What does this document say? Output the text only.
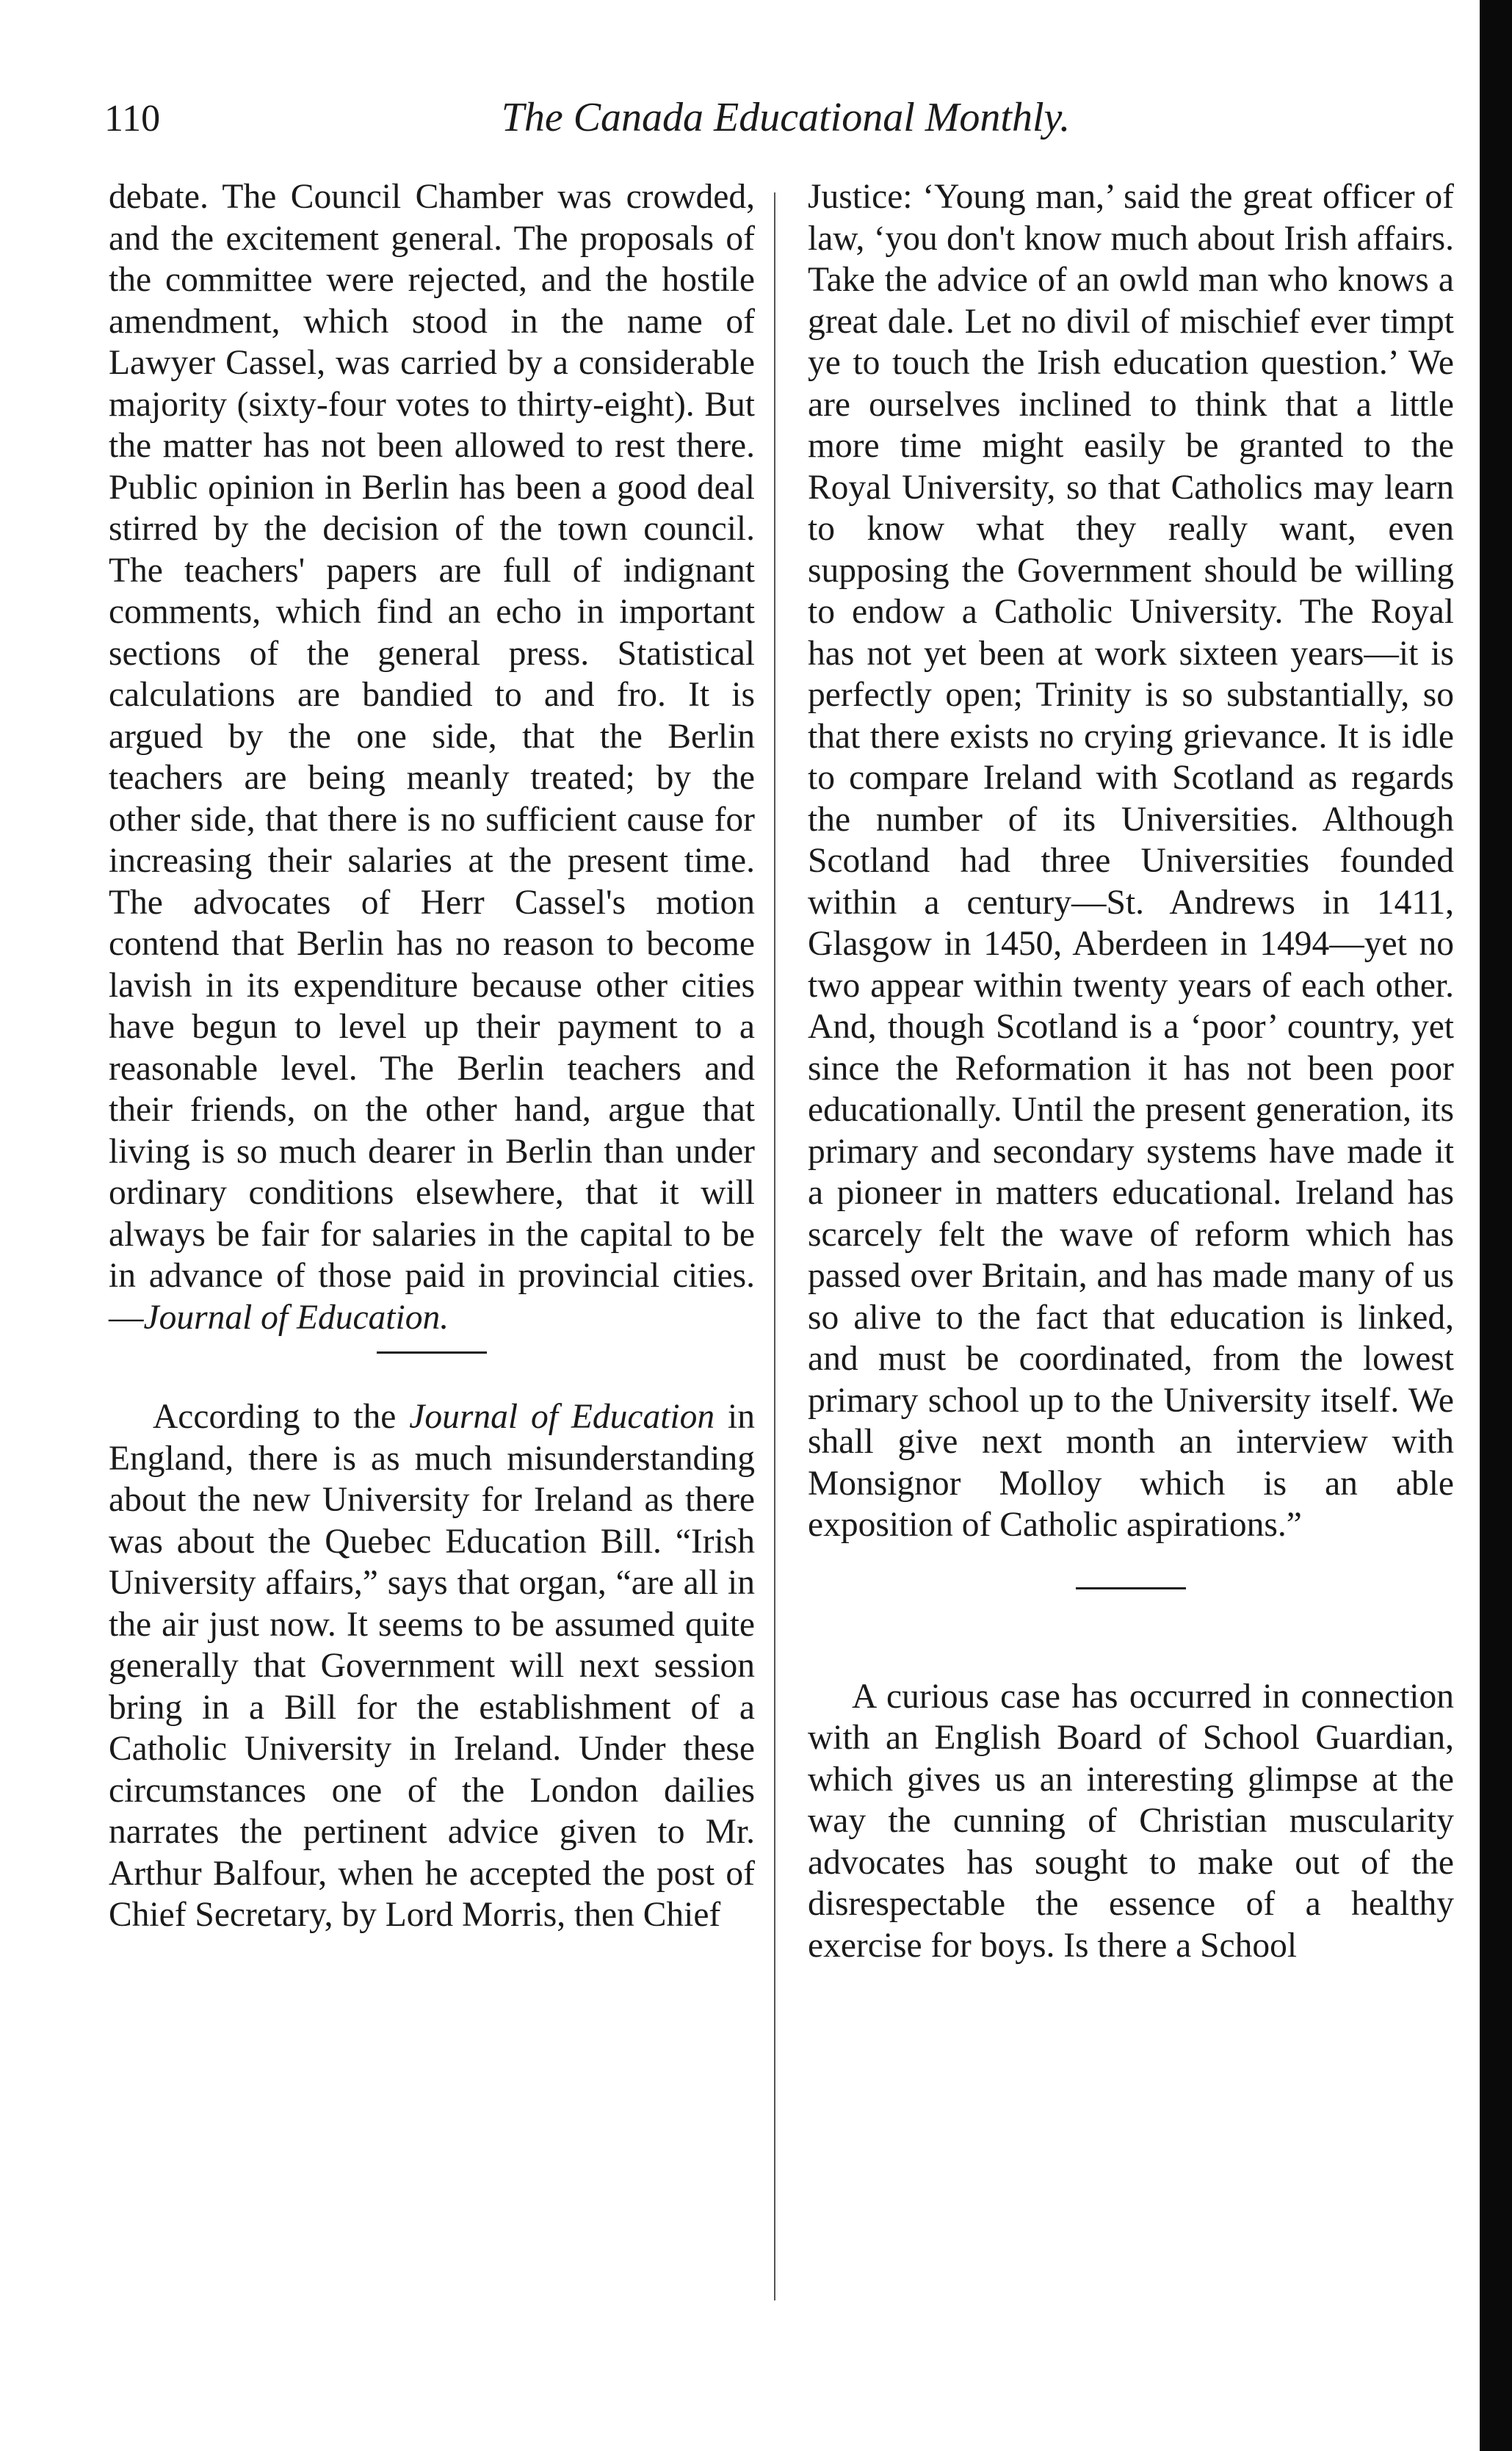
110	The Canada Educational Monthly.

debate. The Council Chamber was crowded, and the excitement general. The proposals of the committee were rejected, and the hostile amendment, which stood in the name of Lawyer Cassel, was carried by a considerable majority (sixty-four votes to thirty-eight). But the matter has not been allowed to rest there. Public opinion in Berlin has been a good deal stirred by the decision of the town council. The teachers' papers are full of indignant comments, which find an echo in important sections of the general press. Statistical calculations are bandied to and fro. It is argued by the one side, that the Berlin teachers are being meanly treated; by the other side, that there is no sufficient cause for increasing their salaries at the present time. The advocates of Herr Cassel's motion contend that Berlin has no reason to become lavish in its expenditure because other cities have begun to level up their payment to a reasonable level. The Berlin teachers and their friends, on the other hand, argue that living is so much dearer in Berlin than under ordinary conditions elsewhere, that it will always be fair for salaries in the capital to be in advance of those paid in provincial cities.—Journal of Education.

According to the Journal of Education in England, there is as much misunderstanding about the new University for Ireland as there was about the Quebec Education Bill. “Irish University affairs,” says that organ, “are all in the air just now. It seems to be assumed quite generally that Government will next session bring in a Bill for the establishment of a Catholic University in Ireland. Under these circumstances one of the London dailies narrates the pertinent advice given to Mr. Arthur Balfour, when he accepted the post of Chief Secretary, by Lord Morris, then Chief

Justice: ‘Young man,’ said the great officer of law, ‘you don't know much about Irish affairs. Take the advice of an owld man who knows a great dale. Let no divil of mischief ever timpt ye to touch the Irish education question.’ We are ourselves inclined to think that a little more time might easily be granted to the Royal University, so that Catholics may learn to know what they really want, even supposing the Government should be willing to endow a Catholic University. The Royal has not yet been at work sixteen years—it is perfectly open; Trinity is so substantially, so that there exists no crying grievance. It is idle to compare Ireland with Scotland as regards the number of its Universities. Although Scotland had three Universities founded within a century—St. Andrews in 1411, Glasgow in 1450, Aberdeen in 1494—yet no two appear within twenty years of each other. And, though Scotland is a ‘poor’ country, yet since the Reformation it has not been poor educationally. Until the present generation, its primary and secondary systems have made it a pioneer in matters educational. Ireland has scarcely felt the wave of reform which has passed over Britain, and has made many of us so alive to the fact that education is linked, and must be coordinated, from the lowest primary school up to the University itself. We shall give next month an interview with Monsignor Molloy which is an able exposition of Catholic aspirations.”

A curious case has occurred in connection with an English Board of School Guardian, which gives us an interesting glimpse at the way the cunning of Christian muscularity advocates has sought to make out of the disrespectable the essence of a healthy exercise for boys. Is there a School
